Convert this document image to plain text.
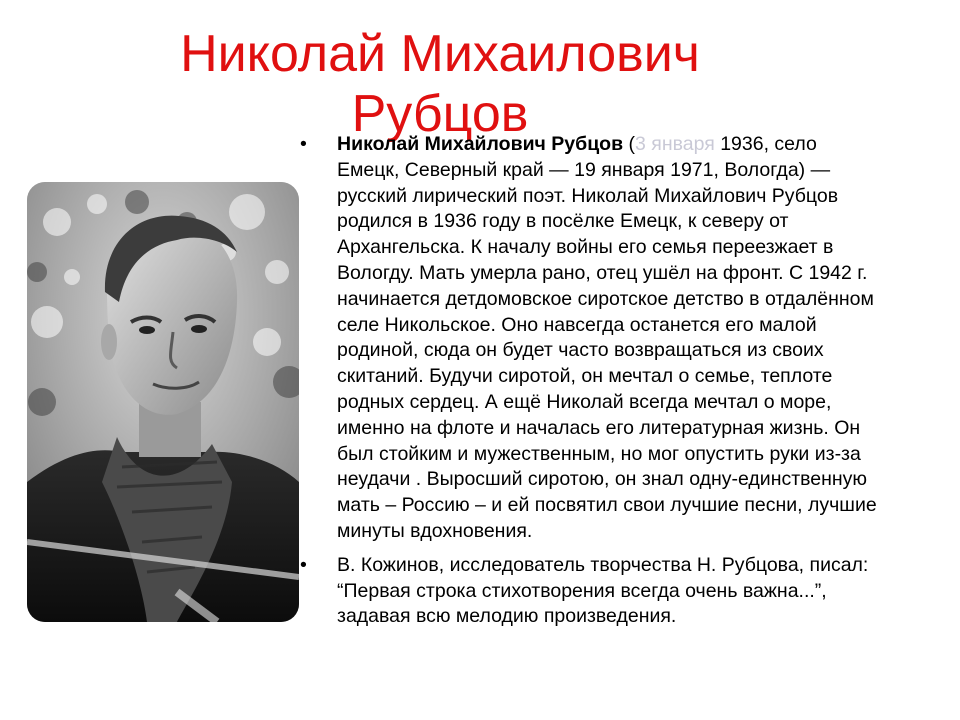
Николай Михаилович
Рубцов
•	Николай Михайлович Рубцов (3 января 1936, село Емецк, Северный край — 19 января 1971, Вологда) — русский лирический поэт. Николай Михайлович Рубцов родился в 1936 году в посёлке Емецк, к северу от Архангельска. К началу войны его семья переезжает в Вологду. Мать умерла рано, отец ушёл на фронт. С 1942 г. начинается детдомовское сиротское детство в отдалённом селе Никольское. Оно навсегда останется его малой родиной, сюда он будет часто возвращаться из своих скитаний. Будучи сиротой, он мечтал о семье, теплоте родных сердец. А ещё Николай всегда мечтал о море, именно на флоте и началась его литературная жизнь. Он был стойким и мужественным, но мог опустить руки из-за неудачи . Выросший сиротою, он знал одну-единственную мать – Россию – и ей посвятил свои лучшие песни, лучшие минуты вдохновения.
•	В. Кожинов, исследователь творчества Н. Рубцова, писал: “Первая строка стихотворения всегда очень важна...”, задавая всю мелодию произведения.
